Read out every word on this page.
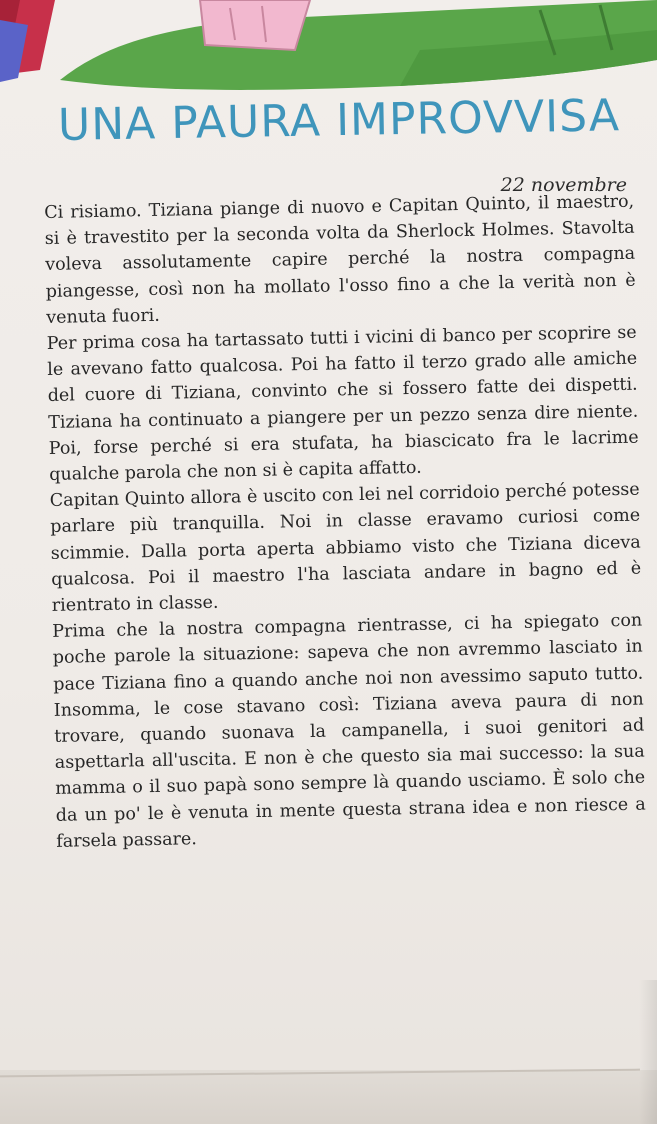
UNA PAURA IMPROVVISA
22 novembre

Ci risiamo. Tiziana piange di nuovo e Capitan Quinto, il maestro, si è travestito per la seconda volta da Sherlock Holmes. Stavolta voleva assolutamente capire perché la nostra compagna piangesse, così non ha mollato l'osso fino a che la verità non è venuta fuori.

Per prima cosa ha tartassato tutti i vicini di banco per scoprire se le avevano fatto qualcosa. Poi ha fatto il terzo grado alle amiche del cuore di Tiziana, convinto che si fossero fatte dei dispetti. Tiziana ha continuato a piangere per un pezzo senza dire niente. Poi, forse perché si era stufata, ha biascicato fra le lacrime qualche parola che non si è capita affatto.

Capitan Quinto allora è uscito con lei nel corridoio perché potesse parlare più tranquilla. Noi in classe eravamo curiosi come scimmie. Dalla porta aperta abbiamo visto che Tiziana diceva qualcosa. Poi il maestro l'ha lasciata andare in bagno ed è rientrato in classe.

Prima che la nostra compagna rientrasse, ci ha spiegato con poche parole la situazione: sapeva che non avremmo lasciato in pace Tiziana fino a quando anche noi non avessimo saputo tutto. Insomma, le cose stavano così: Tiziana aveva paura di non trovare, quando suonava la campanella, i suoi genitori ad aspettarla all'uscita. E non è che questo sia mai successo: la sua mamma o il suo papà sono sempre là quando usciamo. È solo che da un po' le è venuta in mente questa strana idea e non riesce a farsela passare.
